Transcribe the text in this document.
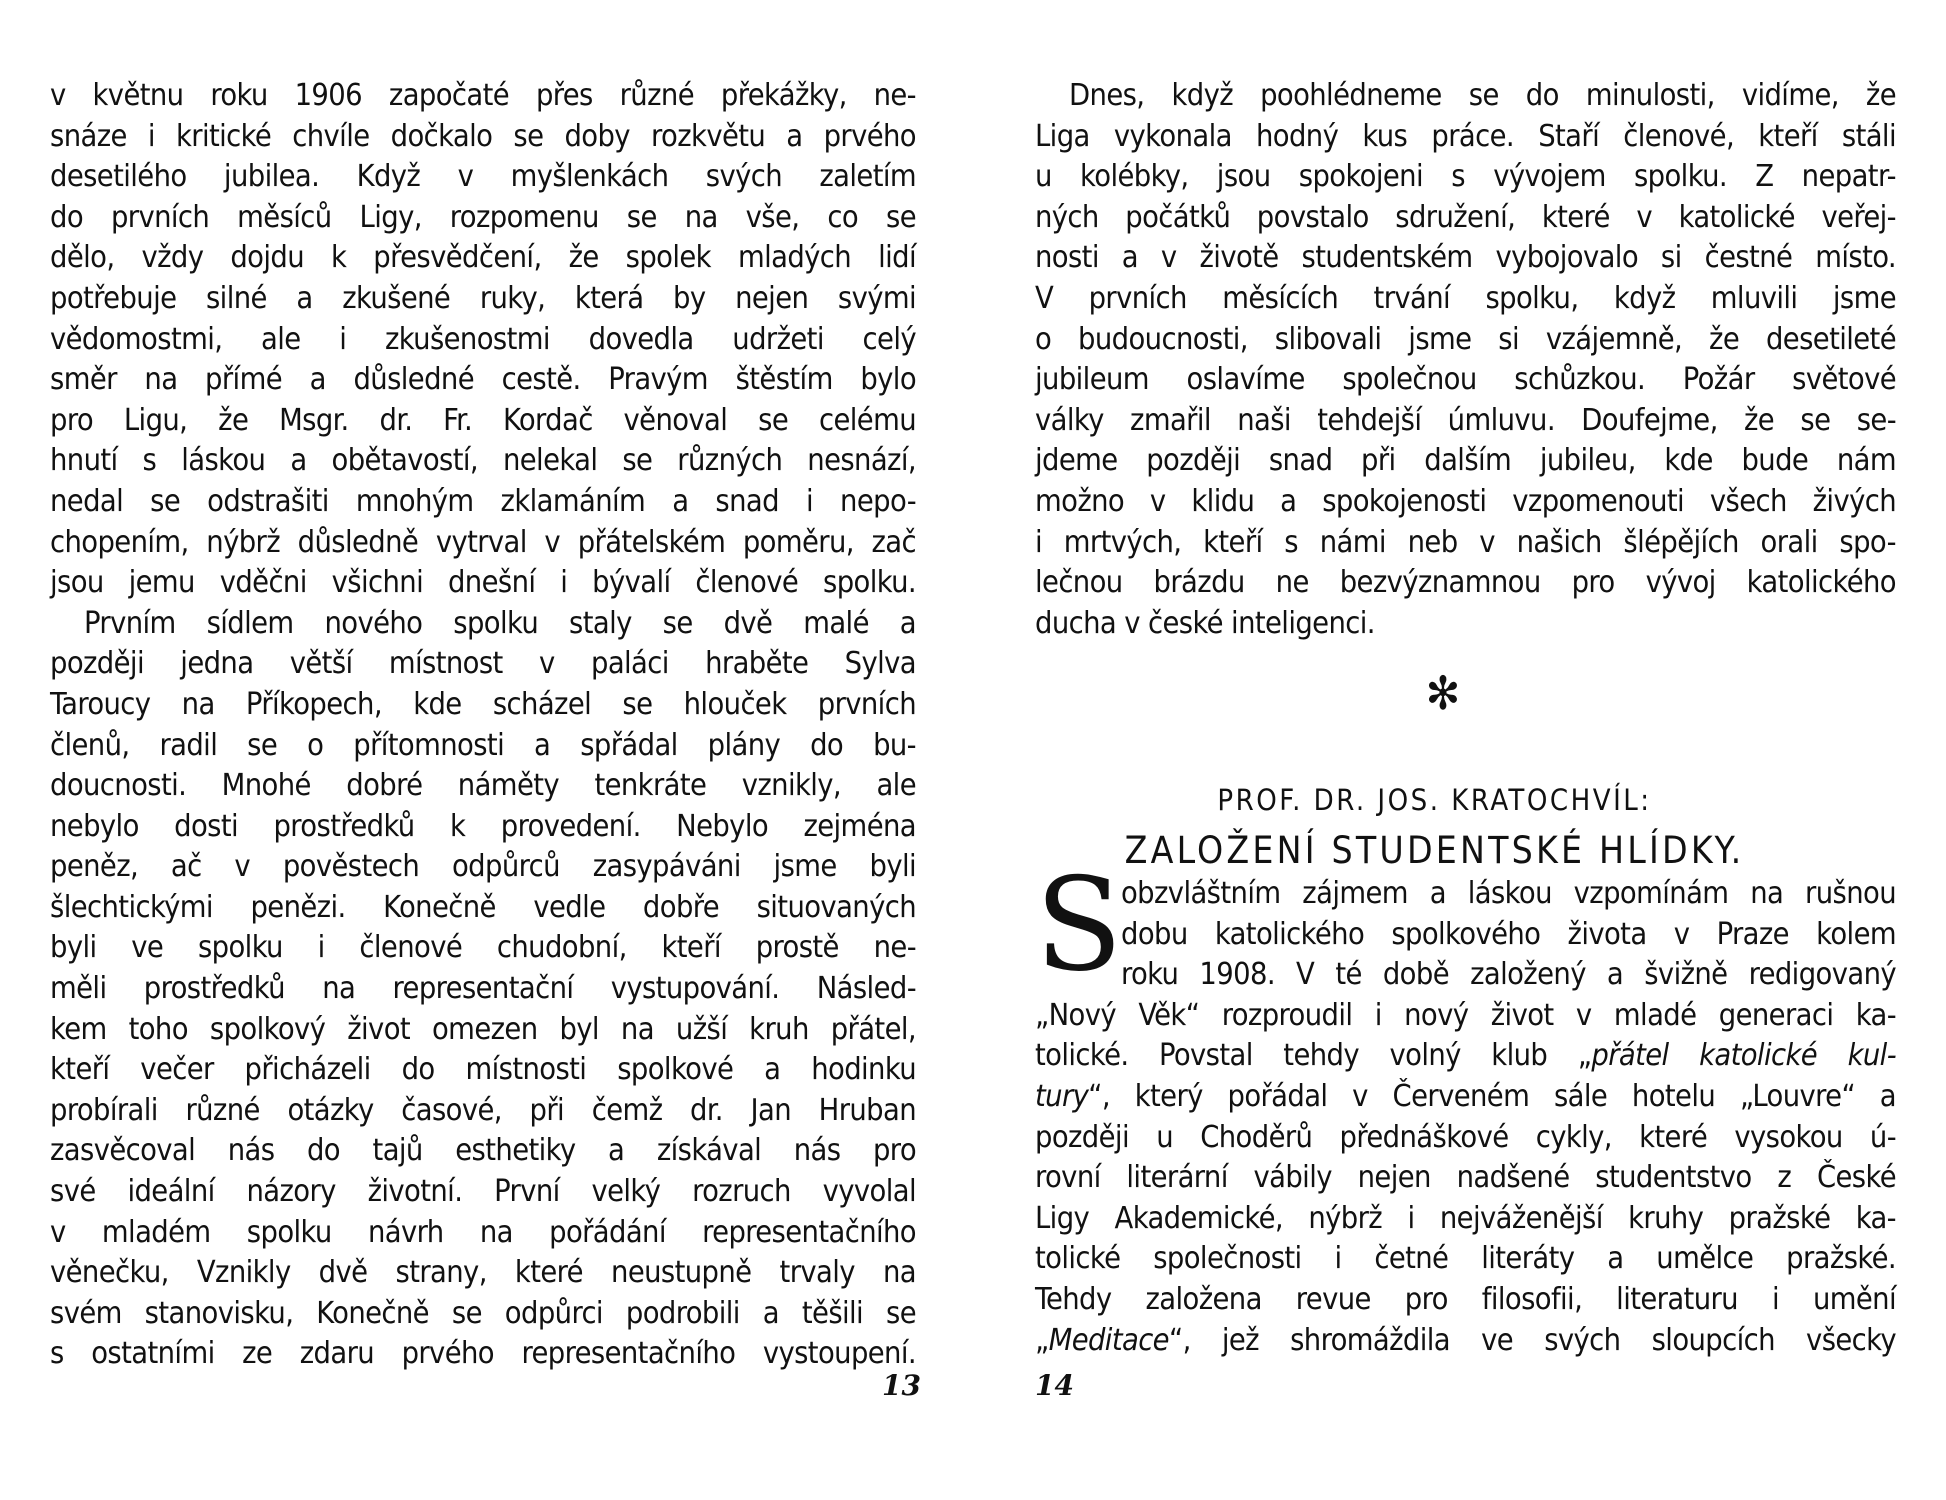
v květnu roku 1906 započaté přes různé překážky, ne-
snáze i kritické chvíle dočkalo se doby rozkvětu a prvého
desetilého jubilea. Když v myšlenkách svých zaletím
do prvních měsíců Ligy, rozpomenu se na vše, co se
dělo, vždy dojdu k přesvědčení, že spolek mladých lidí
potřebuje silné a zkušené ruky, která by nejen svými
vědomostmi, ale i zkušenostmi dovedla udržeti celý
směr na přímé a důsledné cestě. Pravým štěstím bylo
pro Ligu, že Msgr. dr. Fr. Kordač věnoval se celému
hnutí s láskou a obětavostí, nelekal se různých nesnází,
nedal se odstrašiti mnohým zklamáním a snad i nepo-
chopením, nýbrž důsledně vytrval v přátelském poměru, zač
jsou jemu vděčni všichni dnešní i bývalí členové spolku.
Prvním sídlem nového spolku staly se dvě malé a
později jedna větší místnost v paláci hraběte Sylva
Taroucy na Příkopech, kde scházel se hlouček prvních
členů, radil se o přítomnosti a spřádal plány do bu-
doucnosti. Mnohé dobré náměty tenkráte vznikly, ale
nebylo dosti prostředků k provedení. Nebylo zejména
peněz, ač v pověstech odpůrců zasypáváni jsme byli
šlechtickými penězi. Konečně vedle dobře situovaných
byli ve spolku i členové chudobní, kteří prostě ne-
měli prostředků na representační vystupování. Násled-
kem toho spolkový život omezen byl na užší kruh přátel,
kteří večer přicházeli do místnosti spolkové a hodinku
probírali různé otázky časové, při čemž dr. Jan Hruban
zasvěcoval nás do tajů esthetiky a získával nás pro
své ideální názory životní. První velký rozruch vyvolal
v mladém spolku návrh na pořádání representačního
věnečku, Vznikly dvě strany, které neustupně trvaly na
svém stanovisku, Konečně se odpůrci podrobili a těšili se
s ostatními ze zdaru prvého representačního vystoupení.
13
Dnes, když poohlédneme se do minulosti, vidíme, že
Liga vykonala hodný kus práce. Staří členové, kteří stáli
u kolébky, jsou spokojeni s vývojem spolku. Z nepatr-
ných počátků povstalo sdružení, které v katolické veřej-
nosti a v životě studentském vybojovalo si čestné místo.
V prvních měsících trvání spolku, když mluvili jsme
o budoucnosti, slibovali jsme si vzájemně, že desetileté
jubileum oslavíme společnou schůzkou. Požár světové
války zmařil naši tehdejší úmluvu. Doufejme, že se se-
jdeme později snad při dalším jubileu, kde bude nám
možno v klidu a spokojenosti vzpomenouti všech živých
i mrtvých, kteří s námi neb v našich šlépějích orali spo-
lečnou brázdu ne bezvýznamnou pro vývoj katolického
ducha v české inteligenci.
✻
PROF. DR. JOS. KRATOCHVÍL:
ZALOŽENÍ STUDENTSKÉ HLÍDKY.
S
obzvláštním zájmem a láskou vzpomínám na rušnou
dobu katolického spolkového života v Praze kolem
roku 1908. V té době založený a švižně redigovaný
„Nový Věk“ rozproudil i nový život v mladé generaci ka-
tolické. Povstal tehdy volný klub „přátel katolické kul-
tury“, který pořádal v Červeném sále hotelu „Louvre“ a
později u Choděrů přednáškové cykly, které vysokou ú-
rovní literární vábily nejen nadšené studentstvo z České
Ligy Akademické, nýbrž i nejváženější kruhy pražské ka-
tolické společnosti i četné literáty a umělce pražské.
Tehdy založena revue pro filosofii, literaturu i umění
„Meditace“, jež shromáždila ve svých sloupcích všecky
14
